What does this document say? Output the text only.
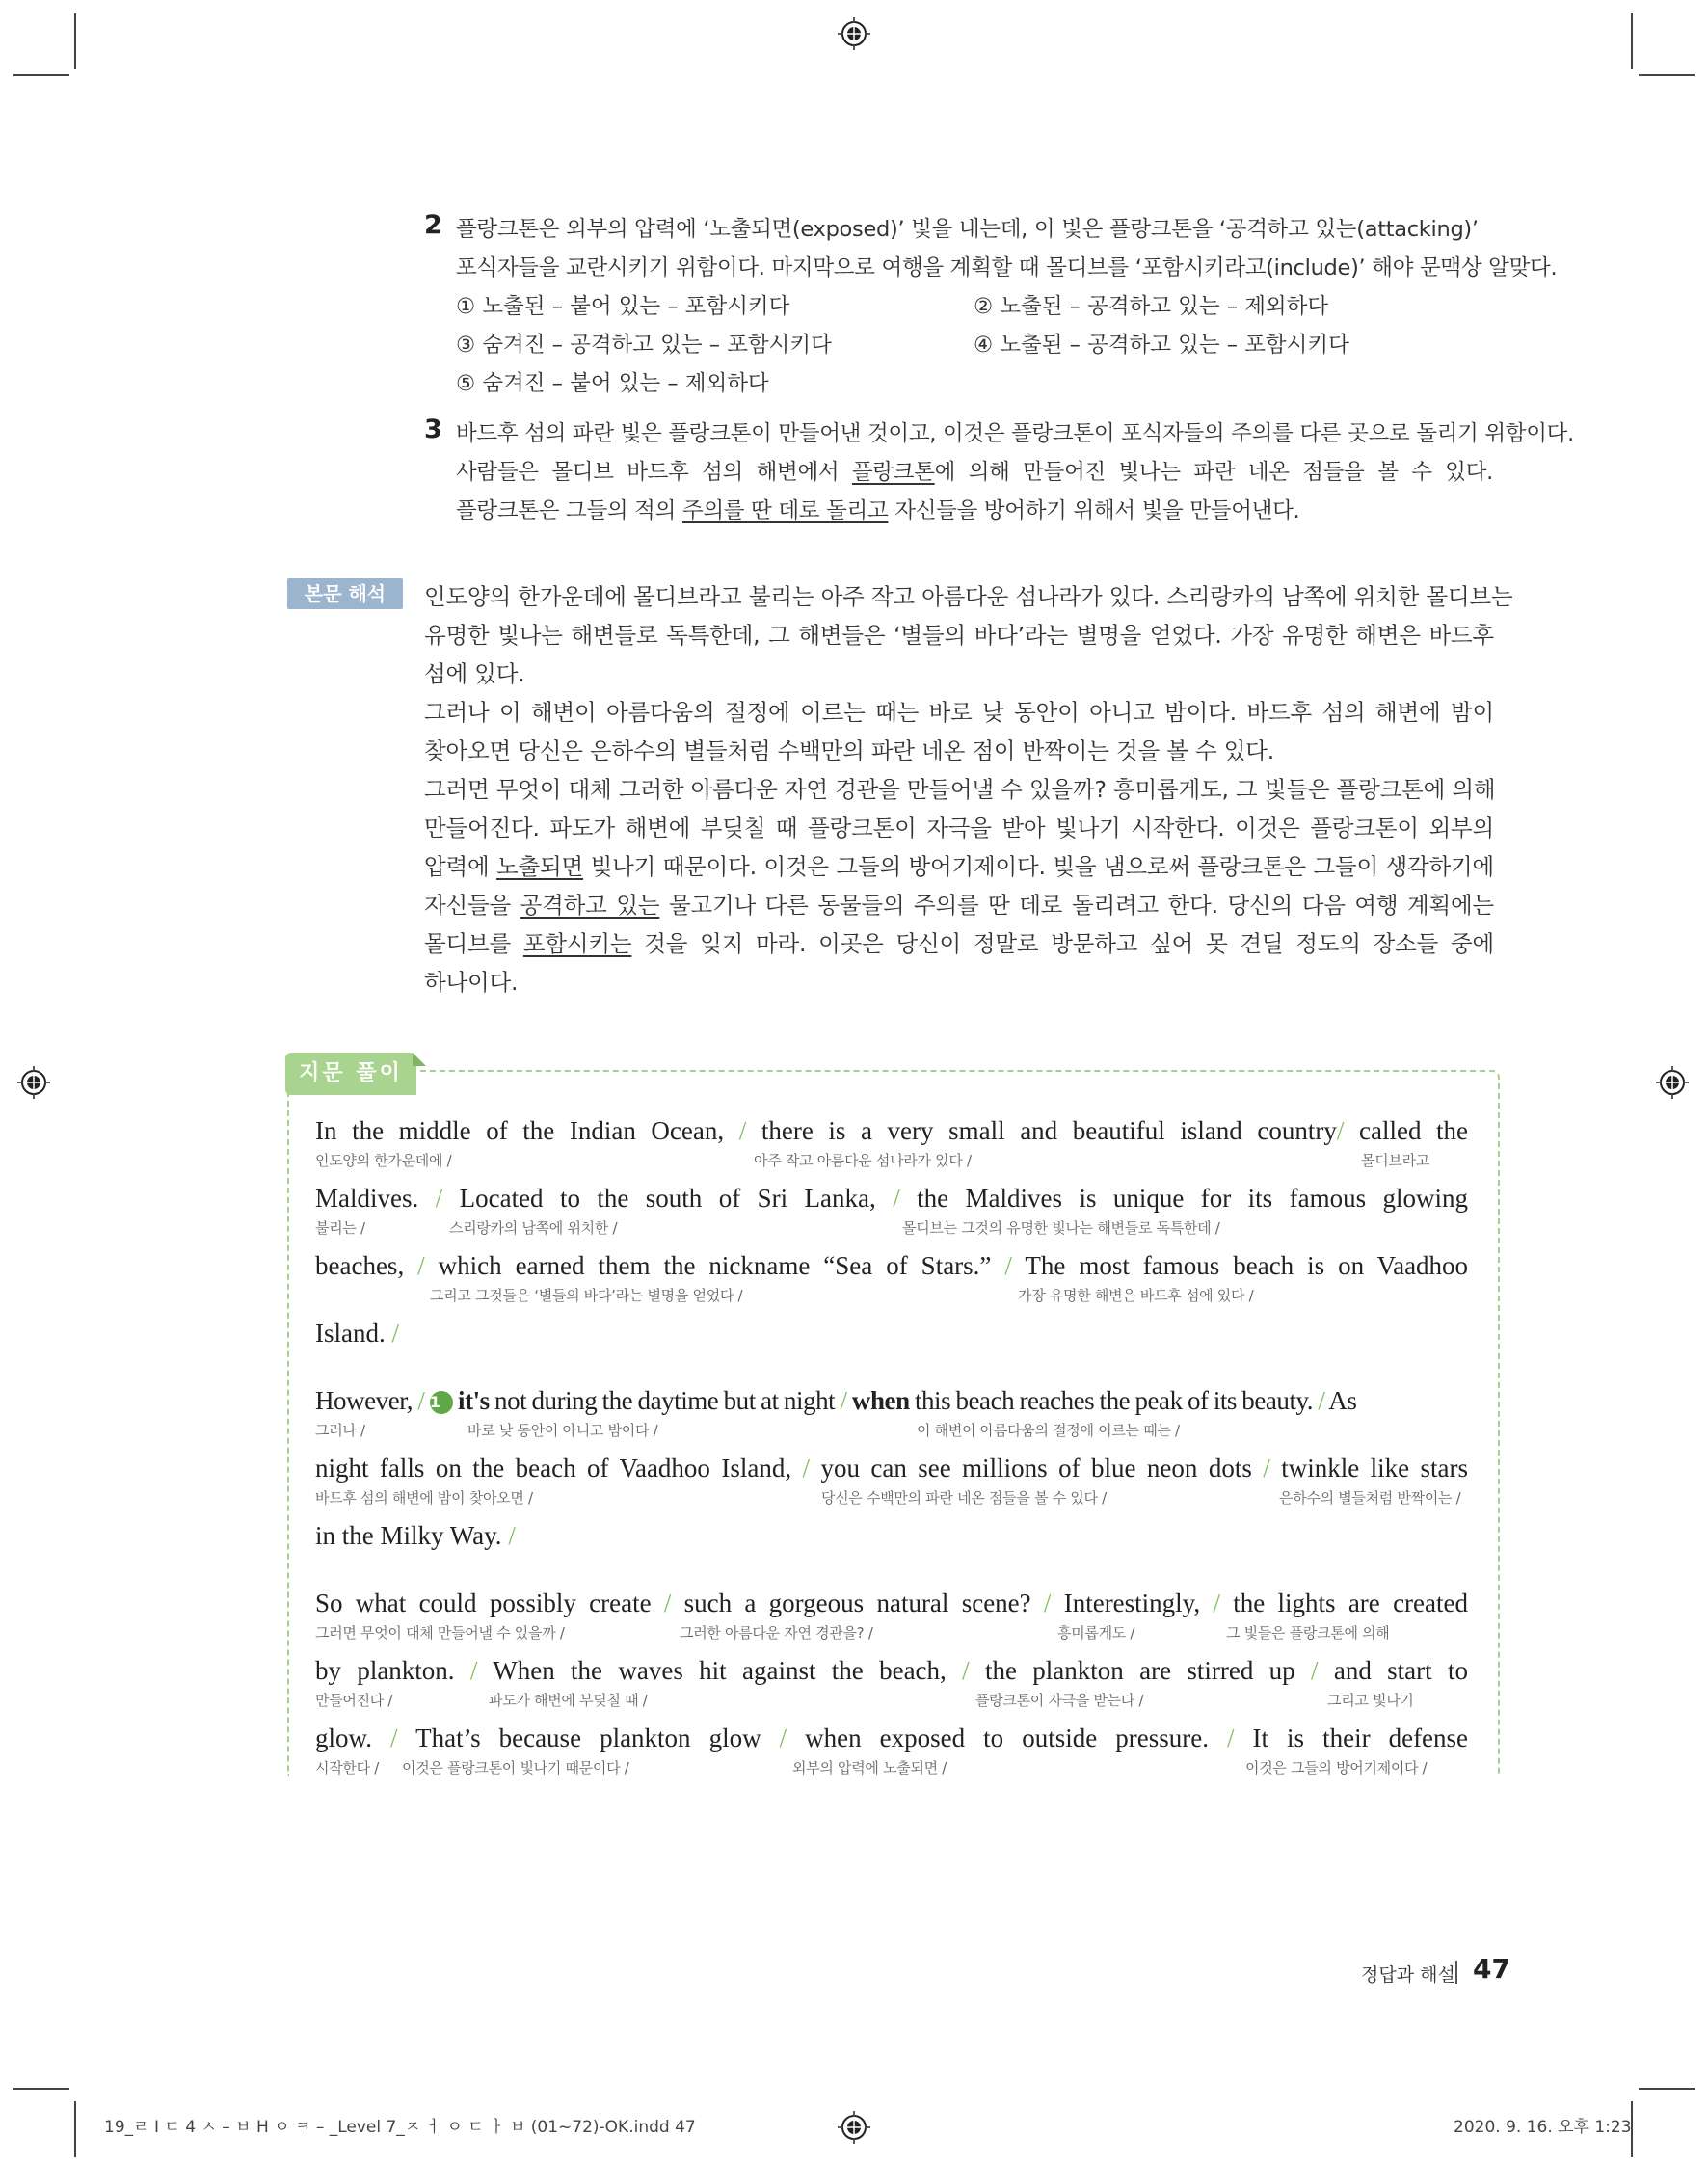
2 플랑크톤은 외부의 압력에 ‘노출되면(exposed)’ 빛을 내는데, 이 빛은 플랑크톤을 ‘공격하고 있는(attacking)’
포식자들을 교란시키기 위함이다. 마지막으로 여행을 계획할 때 몰디브를 ‘포함시키라고(include)’ 해야 문맥상 알맞다.
① 노출된 – 붙어 있는 – 포함시키다	② 노출된 – 공격하고 있는 – 제외하다
③ 숨겨진 – 공격하고 있는 – 포함시키다	④ 노출된 – 공격하고 있는 – 포함시키다
⑤ 숨겨진 – 붙어 있는 – 제외하다
3 바드후 섬의 파란 빛은 플랑크톤이 만들어낸 것이고, 이것은 플랑크톤이 포식자들의 주의를 다른 곳으로 돌리기 위함이다.
사람들은 몰디브 바드후 섬의 해변에서 플랑크톤에 의해 만들어진 빛나는 파란 네온 점들을 볼 수 있다.
플랑크톤은 그들의 적의 주의를 딴 데로 돌리고 자신들을 방어하기 위해서 빛을 만들어낸다.
본문 해석	인도양의 한가운데에 몰디브라고 불리는 아주 작고 아름다운 섬나라가 있다. 스리랑카의 남쪽에 위치한 몰디브는
유명한 빛나는 해변들로 독특한데, 그 해변들은 ‘별들의 바다’라는 별명을 얻었다. 가장 유명한 해변은 바드후
섬에 있다.
그러나 이 해변이 아름다움의 절정에 이르는 때는 바로 낮 동안이 아니고 밤이다. 바드후 섬의 해변에 밤이
찾아오면 당신은 은하수의 별들처럼 수백만의 파란 네온 점이 반짝이는 것을 볼 수 있다.
그러면 무엇이 대체 그러한 아름다운 자연 경관을 만들어낼 수 있을까? 흥미롭게도, 그 빛들은 플랑크톤에 의해
만들어진다. 파도가 해변에 부딪칠 때 플랑크톤이 자극을 받아 빛나기 시작한다. 이것은 플랑크톤이 외부의
압력에 노출되면 빛나기 때문이다. 이것은 그들의 방어기제이다. 빛을 냄으로써 플랑크톤은 그들이 생각하기에
자신들을 공격하고 있는 물고기나 다른 동물들의 주의를 딴 데로 돌리려고 한다. 당신의 다음 여행 계획에는
몰디브를 포함시키는 것을 잊지 마라. 이곳은 당신이 정말로 방문하고 싶어 못 견딜 정도의 장소들 중에
하나이다.
지문 풀이
In the middle of the Indian Ocean, / there is a very small and beautiful island country/ called the
인도양의 한가운데에 /	아주 작고 아름다운 섬나라가 있다 /	몰디브라고
Maldives. / Located to the south of Sri Lanka, / the Maldives is unique for its famous glowing
불리는 /	스리랑카의 남쪽에 위치한 /	몰디브는 그것의 유명한 빛나는 해변들로 독특한데 /
beaches, / which earned them the nickname “Sea of Stars.” / The most famous beach is on Vaadhoo
그리고 그것들은 ‘별들의 바다’라는 별명을 얻었다 /	가장 유명한 해변은 바드후 섬에 있다 /
Island. /
However, / 1 it's not during the daytime but at night / when this beach reaches the peak of its beauty. / As
그러나 /	바로 낮 동안이 아니고 밤이다 /	이 해변이 아름다움의 절정에 이르는 때는 /
night falls on the beach of Vaadhoo Island, / you can see millions of blue neon dots / twinkle like stars
바드후 섬의 해변에 밤이 찾아오면 /	당신은 수백만의 파란 네온 점들을 볼 수 있다 /	은하수의 별들처럼 반짝이는 /
in the Milky Way. /
So what could possibly create / such a gorgeous natural scene? / Interestingly, / the lights are created
그러면 무엇이 대체 만들어낼 수 있을까 /	그러한 아름다운 자연 경관을? /	흥미롭게도 /	그 빛들은 플랑크톤에 의해
by plankton. / When the waves hit against the beach, / the plankton are stirred up / and start to
만들어진다 /	파도가 해변에 부딪칠 때 /	플랑크톤이 자극을 받는다 /	그리고 빛나기
glow. / That’s because plankton glow / when exposed to outside pressure. / It is their defense
시작한다 / 이것은 플랑크톤이 빛나기 때문이다 /	외부의 압력에 노출되면 /	이것은 그들의 방어기제이다 /
정답과 해설 47
19_ㄹ I ㄷ 4 ㅅ – ㅂ H ㅇ ㅋ – _Level 7_ㅈ ㅓ ㅇ ㄷ ㅏ ㅂ (01~72)-OK.indd 47	2020. 9. 16. 오후 1:23
